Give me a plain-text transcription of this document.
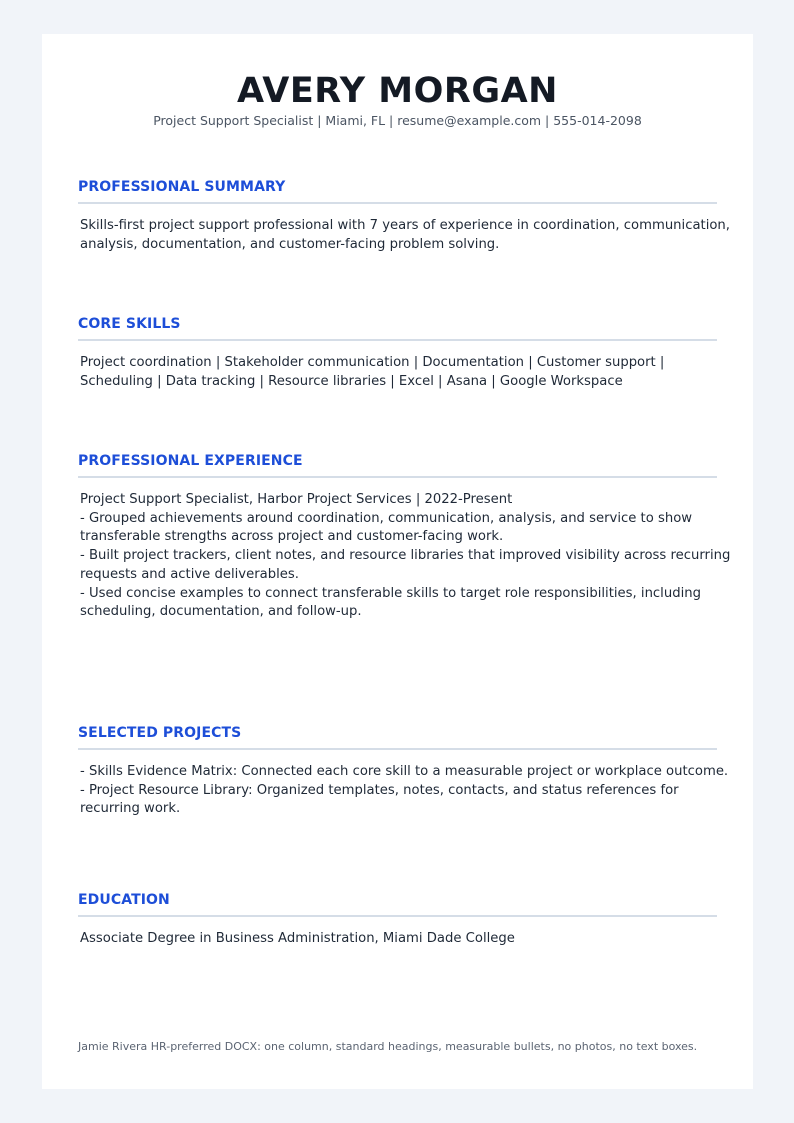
AVERY MORGAN
Project Support Specialist | Miami, FL | resume@example.com | 555-014-2098
PROFESSIONAL SUMMARY
Skills-first project support professional with 7 years of experience in coordination, communication,
analysis, documentation, and customer-facing problem solving.
CORE SKILLS
Project coordination | Stakeholder communication | Documentation | Customer support |
Scheduling | Data tracking | Resource libraries | Excel | Asana | Google Workspace
PROFESSIONAL EXPERIENCE
Project Support Specialist, Harbor Project Services | 2022-Present
- Grouped achievements around coordination, communication, analysis, and service to show
transferable strengths across project and customer-facing work.
- Built project trackers, client notes, and resource libraries that improved visibility across recurring
requests and active deliverables.
- Used concise examples to connect transferable skills to target role responsibilities, including
scheduling, documentation, and follow-up.
SELECTED PROJECTS
- Skills Evidence Matrix: Connected each core skill to a measurable project or workplace outcome.
- Project Resource Library: Organized templates, notes, contacts, and status references for
recurring work.
EDUCATION
Associate Degree in Business Administration, Miami Dade College
Jamie Rivera HR-preferred DOCX: one column, standard headings, measurable bullets, no photos, no text boxes.
